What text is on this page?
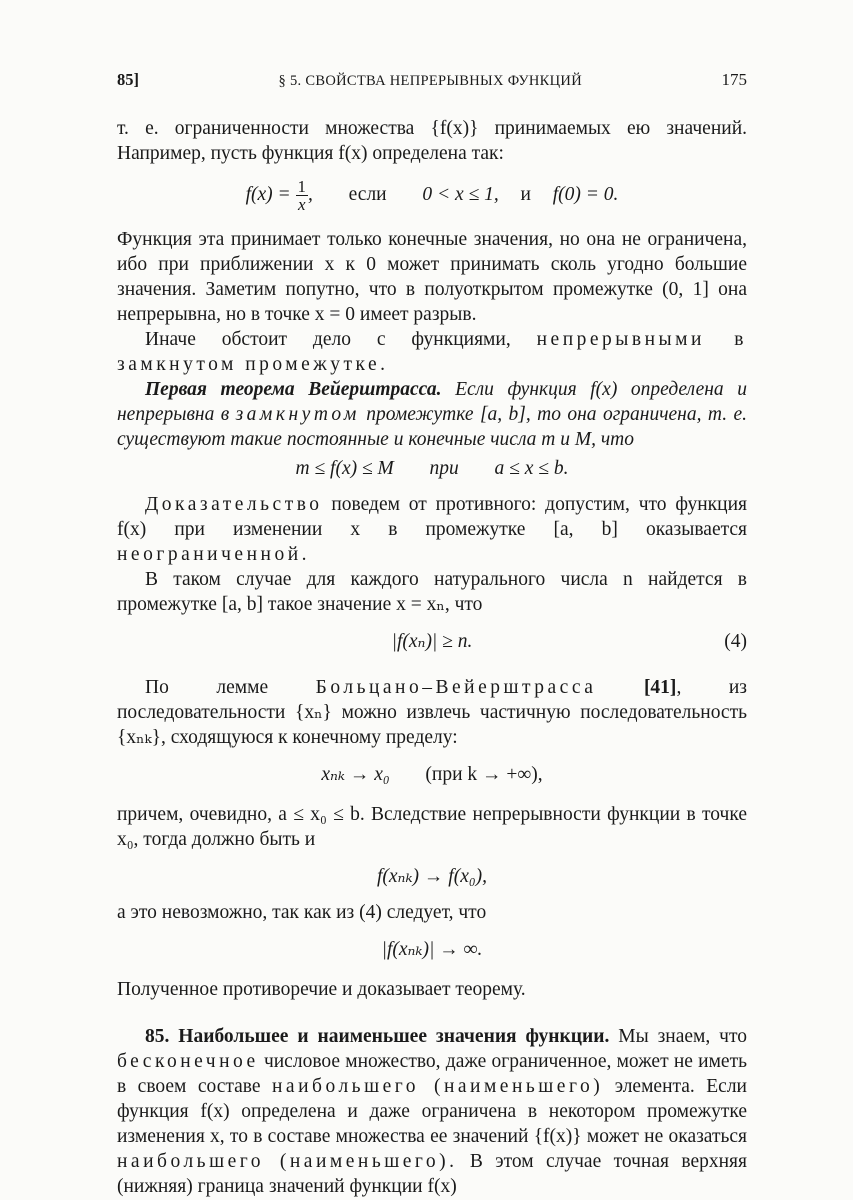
85]	§ 5. СВОЙСТВА НЕПРЕРЫВНЫХ ФУНКЦИЙ	175

т. е. ограниченности множества {f(x)} принимаемых ею значений. Например, пусть функция f(x) определена так:

$f(x) = \frac{1}{x}$ , если 0 < x ≤ 1, и f(0) = 0.

Функция эта принимает только конечные значения, но она не ограничена, ибо при приближении x к 0 может принимать сколь угодно большие значения. Заметим попутно, что в полуоткрытом промежутке (0, 1] она непрерывна, но в точке x = 0 имеет разрыв.

Иначе обстоит дело с функциями, непрерывными в замкнутом промежутке.

Первая теорема Вейерштрасса. Если функция f(x) определена и непрерывна в замкнутом промежутке [a, b], то она ограничена, т. е. существуют такие постоянные и конечные числа m и M, что

m ≤ f(x) ≤ M при a ≤ x ≤ b.

Доказательство поведем от противного: допустим, что функция f(x) при изменении x в промежутке [a, b] оказывается неограниченной.

В таком случае для каждого натурального числа n найдется в промежутке [a, b] такое значение x = xₙ, что

|f(xₙ)| ≥ n.	(4)

По лемме Больцано–Вейерштрасса [41], из последовательности {xₙ} можно извлечь частичную последовательность {xₙₖ}, сходящуюся к конечному пределу:

xₙₖ → x₀ (при k → +∞),

причем, очевидно, a ≤ x₀ ≤ b. Вследствие непрерывности функции в точке x₀, тогда должно быть и

f(xₙₖ) → f(x₀),

а это невозможно, так как из (4) следует, что

|f(xₙₖ)| → ∞.

Полученное противоречие и доказывает теорему.

85. Наибольшее и наименьшее значения функции. Мы знаем, что бесконечное числовое множество, даже ограниченное, может не иметь в своем составе наибольшего (наименьшего) элемента. Если функция f(x) определена и даже ограничена в некотором промежутке изменения x, то в составе множества ее значений {f(x)} может не оказаться наибольшего (наименьшего). В этом случае точная верхняя (нижняя) граница значений функции f(x)
